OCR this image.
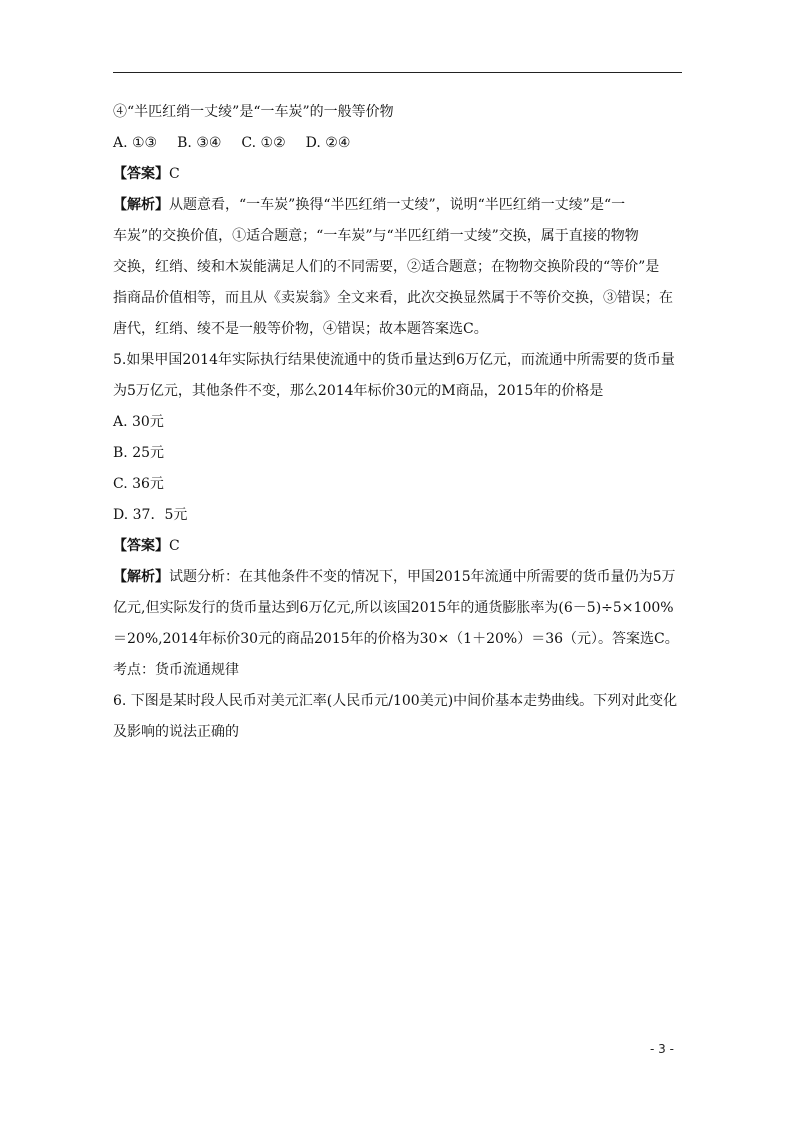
④“半匹红绡一丈绫”是“一车炭”的一般等价物
A. ①③ B. ③④ C. ①② D. ②④
【答案】C
【解析】从题意看，“一车炭”换得“半匹红绡一丈绫”，说明“半匹红绡一丈绫”是“一
车炭”的交换价值，①适合题意；“一车炭”与“半匹红绡一丈绫”交换，属于直接的物物
交换，红绡、绫和木炭能满足人们的不同需要，②适合题意；在物物交换阶段的“等价”是
指商品价值相等，而且从《卖炭翁》全文来看，此次交换显然属于不等价交换，③错误；在
唐代，红绡、绫不是一般等价物，④错误；故本题答案选C。
5.如果甲国2014年实际执行结果使流通中的货币量达到6万亿元，而流通中所需要的货币量
为5万亿元，其他条件不变，那么2014年标价30元的M商品，2015年的价格是
A. 30元
B. 25元
C. 36元
D. 37．5元
【答案】C
【解析】试题分析：在其他条件不变的情况下，甲国2015年流通中所需要的货币量仍为5万
亿元,但实际发行的货币量达到6万亿元,所以该国2015年的通货膨胀率为(6－5)÷5×100%
＝20%,2014年标价30元的商品2015年的价格为30×（1＋20%）＝36（元）。答案选C。
考点：货币流通规律
6. 下图是某时段人民币对美元汇率(人民币元/100美元)中间价基本走势曲线。下列对此变化
及影响的说法正确的
- 3 -
